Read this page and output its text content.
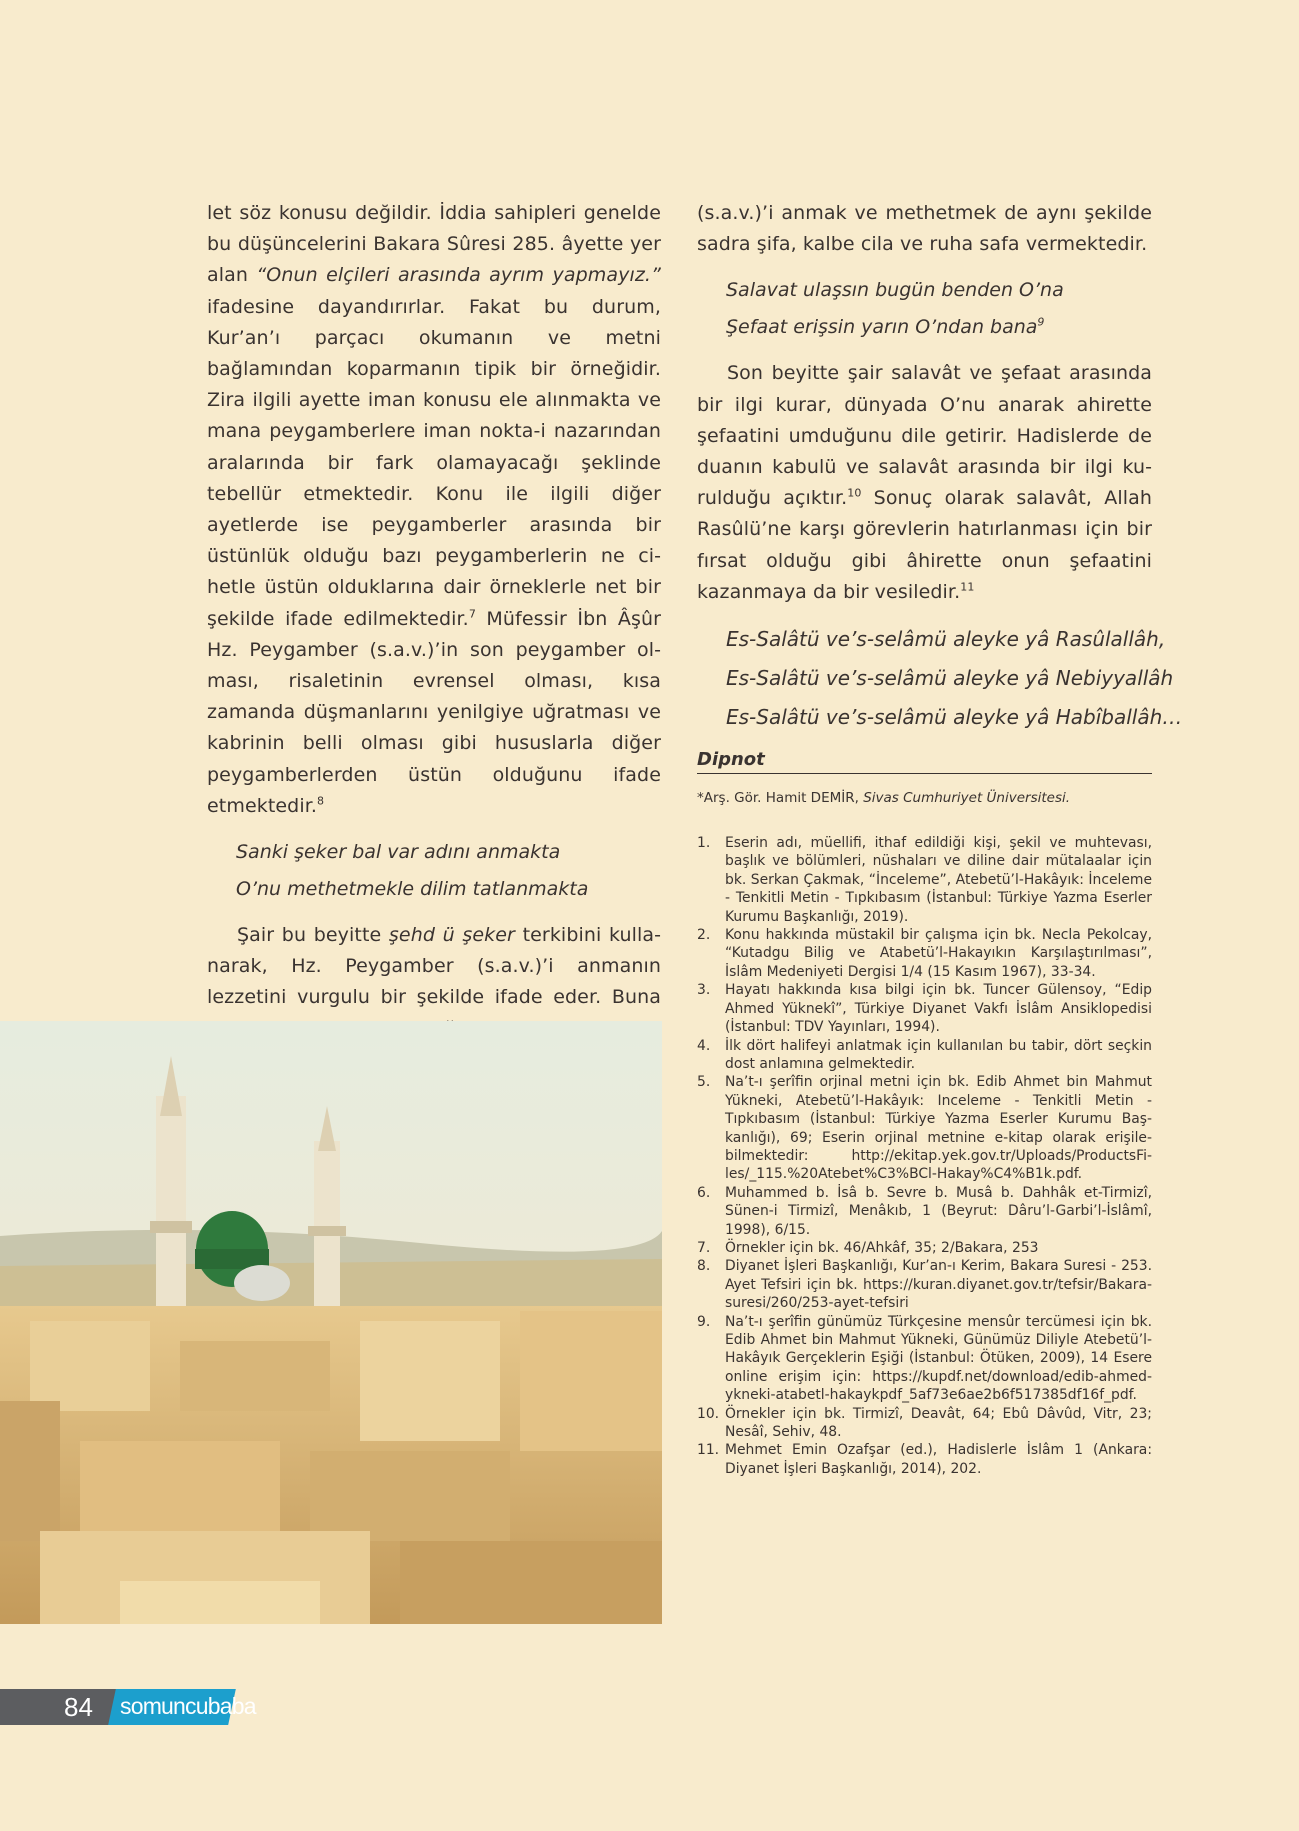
let söz konusu değildir. İddia sahipleri genelde bu düşüncelerini Bakara Sûresi 285. âyette yer alan “Onun elçileri arasında ayrım yapmayız.” ifadesine dayandırırlar. Fakat bu durum, Kur’an’ı parçacı okumanın ve metni bağlamından koparmanın tipik bir örneğidir. Zira ilgili ayette iman konusu ele alınmakta ve mana peygamberlere iman nokta-i nazarından aralarında bir fark olamayacağı şeklinde tebellür etmektedir. Konu ile ilgili diğer ayetlerde ise peygamberler arasında bir üstünlük olduğu bazı peygamberlerin ne cihetle üstün olduklarına dair örneklerle net bir şekilde ifade edilmektedir.$^7$ Müfessir İbn Âşûr Hz. Peygamber (s.a.v.)’in son peygamber olması, risaletinin evrensel olması, kısa zamanda düşmanlarını yenilgiye uğratması ve kabrinin belli olması gibi hususlarla diğer peygamberlerden üstün olduğunu ifade etmektedir.$^8$

Sanki şeker bal var adını anmakta
O’nu methetmekle dilim tatlanmakta

Şair bu beyitte şehd ü şeker terkibini kullanarak, Hz. Peygamber (s.a.v.)’i anmanın lezzetini vurgulu bir şekilde ifade eder. Buna

(s.a.v.)’i anmak ve methetmek de aynı şekilde sadra şifa, kalbe cila ve ruha safa vermektedir.

Salavat ulaşsın bugün benden O’na
Şefaat erişsin yarın O’ndan bana$^9$

Son beyitte şair salavât ve şefaat arasında bir ilgi kurar, dünyada O’nu anarak ahirette şefaatini umduğunu dile getirir. Hadislerde de duanın kabulü ve salavât arasında bir ilgi kurulduğu açıktır.$^{10}$ Sonuç olarak salavât, Allah Rasûlü’ne karşı görevlerin hatırlanması için bir fırsat olduğu gibi âhirette onun şefaatini kazanmaya da bir vesiledir.$^{11}$

Es-Salâtü ve’s-selâmü aleyke yâ Rasûlallâh,
Es-Salâtü ve’s-selâmü aleyke yâ Nebiyyallâh
Es-Salâtü ve’s-selâmü aleyke yâ Habîballâh…
Dipnot
*Arş. Gör. Hamit DEMİR, Sivas Cumhuriyet Üniversitesi.
1. Eserin adı, müellifi, ithaf edildiği kişi, şekil ve muhtevası, başlık ve bölümleri, nüshaları ve diline dair mütalaalar için bk. Serkan Çakmak, “İnceleme”, Atebetü’l-Hakâyık: İnceleme - Tenkitli Metin - Tıpkıbasım (İstanbul: Türkiye Yazma Eserler Kurumu Başkanlığı, 2019).
2. Konu hakkında müstakil bir çalışma için bk. Necla Pekolcay, “Kutadgu Bilig ve Atabetü’l-Hakayıkın Karşılaştırılması”, İslâm Medeniyeti Dergisi 1/4 (15 Kasım 1967), 33-34.
3. Hayatı hakkında kısa bilgi için bk. Tuncer Gülensoy, “Edip Ahmed Yüknekî”, Türkiye Diyanet Vakfı İslâm Ansiklopedisi (İstanbul: TDV Yayınları, 1994).
4. İlk dört halifeyi anlatmak için kullanılan bu tabir, dört seçkin dost anlamına gelmektedir.
5. Na’t-ı şerîfin orjinal metni için bk. Edib Ahmet bin Mahmut Yükneki, Atebetü’l-Hakâyık: Inceleme - Tenkitli Metin - Tıpkıbasım (İstanbul: Türkiye Yazma Eserler Kurumu Başkanlığı), 69; Eserin orjinal metnine e-kitap olarak erişilebilmektedir: http://ekitap.yek.gov.tr/Uploads/ProductsFiles/_115.%20Atebet%C3%BCl-Hakay%C4%B1k.pdf.
6. Muhammed b. İsâ b. Sevre b. Musâ b. Dahhâk et-Tirmizî, Sünen-i Tirmizî, Menâkıb, 1 (Beyrut: Dâru’l-Garbi’l-İslâmî, 1998), 6/15.
7. Örnekler için bk. 46/Ahkâf, 35; 2/Bakara, 253
8. Diyanet İşleri Başkanlığı, Kur’an-ı Kerim, Bakara Suresi - 253. Ayet Tefsiri için bk. https://kuran.diyanet.gov.tr/tefsir/Bakara-suresi/260/253-ayet-tefsiri
9. Na’t-ı şerîfin günümüz Türkçesine mensûr tercümesi için bk. Edib Ahmet bin Mahmut Yükneki, Günümüz Diliyle Atebetü’l-Hakâyık Gerçeklerin Eşiği (İstanbul: Ötüken, 2009), 14 Esere online erişim için: https://kupdf.net/download/edib-ahmed-ykneki-atabetl-hakaykpdf_5af73e6ae2b6f517385df16f_pdf.
10. Örnekler için bk. Tirmizî, Deavât, 64; Ebû Dâvûd, Vitr, 23; Nesâî, Sehiv, 48.
11. Mehmet Emin Ozafşar (ed.), Hadislerle İslâm 1 (Ankara: Diyanet İşleri Başkanlığı, 2014), 202.
84 somuncubaba
